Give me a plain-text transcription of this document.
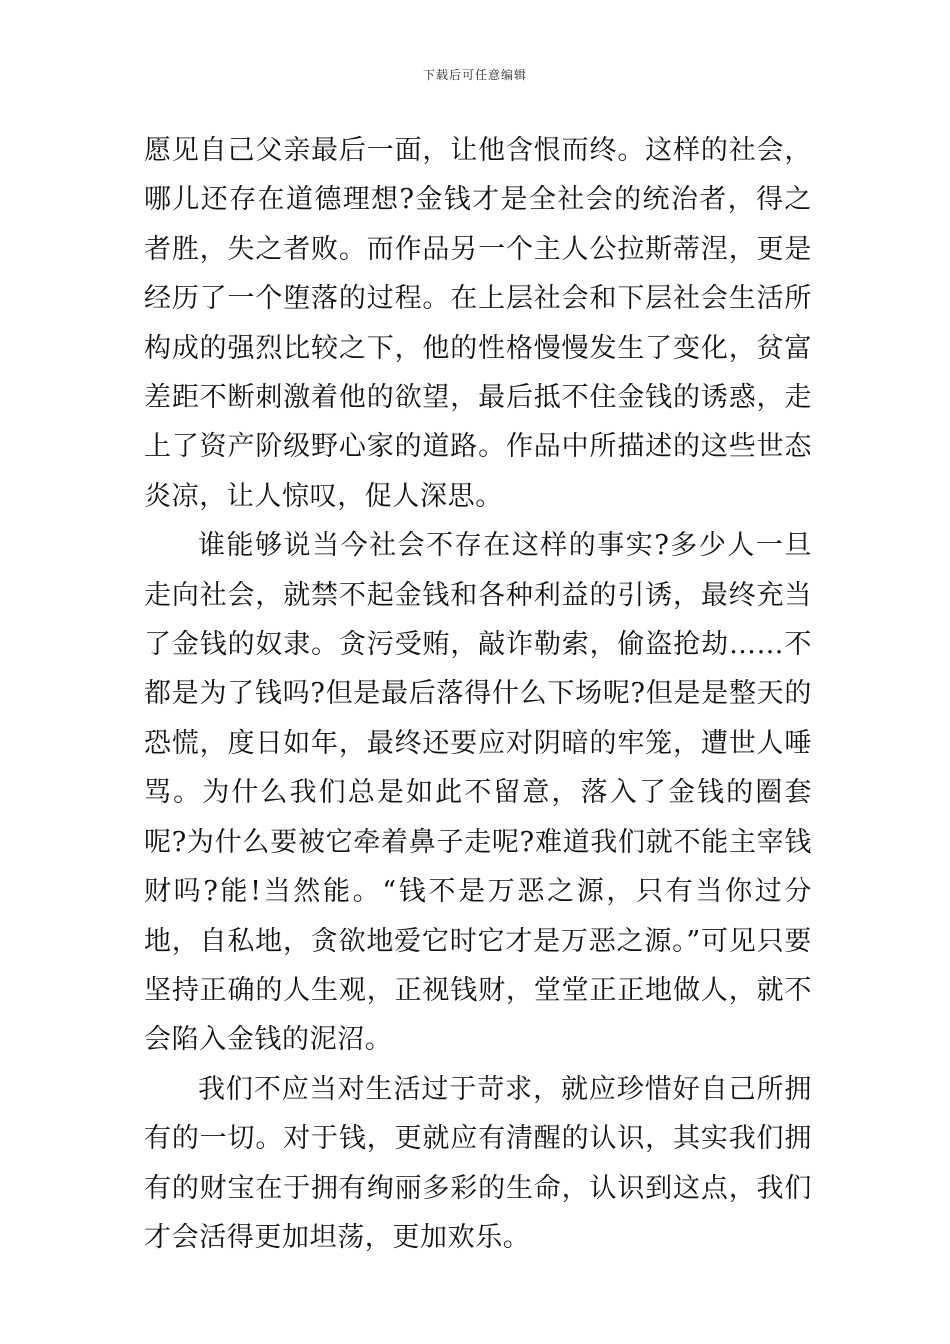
下载后可任意编辑

愿见自己父亲最后一面，让他含恨而终。这样的社会，哪儿还存在道德理想?金钱才是全社会的统治者，得之者胜，失之者败。而作品另一个主人公拉斯蒂涅，更是经历了一个堕落的过程。在上层社会和下层社会生活所构成的强烈比较之下，他的性格慢慢发生了变化，贫富差距不断刺激着他的欲望，最后抵不住金钱的诱惑，走上了资产阶级野心家的道路。作品中所描述的这些世态炎凉，让人惊叹，促人深思。

谁能够说当今社会不存在这样的事实?多少人一旦走向社会，就禁不起金钱和各种利益的引诱，最终充当了金钱的奴隶。贪污受贿，敲诈勒索，偷盗抢劫……不都是为了钱吗?但是最后落得什么下场呢?但是是整天的恐慌，度日如年，最终还要应对阴暗的牢笼，遭世人唾骂。为什么我们总是如此不留意，落入了金钱的圈套呢?为什么要被它牵着鼻子走呢?难道我们就不能主宰钱财吗?能!当然能。“钱不是万恶之源，只有当你过分地，自私地，贪欲地爱它时它才是万恶之源。”可见只要坚持正确的人生观，正视钱财，堂堂正正地做人，就不会陷入金钱的泥沼。

我们不应当对生活过于苛求，就应珍惜好自己所拥有的一切。对于钱，更就应有清醒的认识，其实我们拥有的财宝在于拥有绚丽多彩的生命，认识到这点，我们才会活得更加坦荡，更加欢乐。
